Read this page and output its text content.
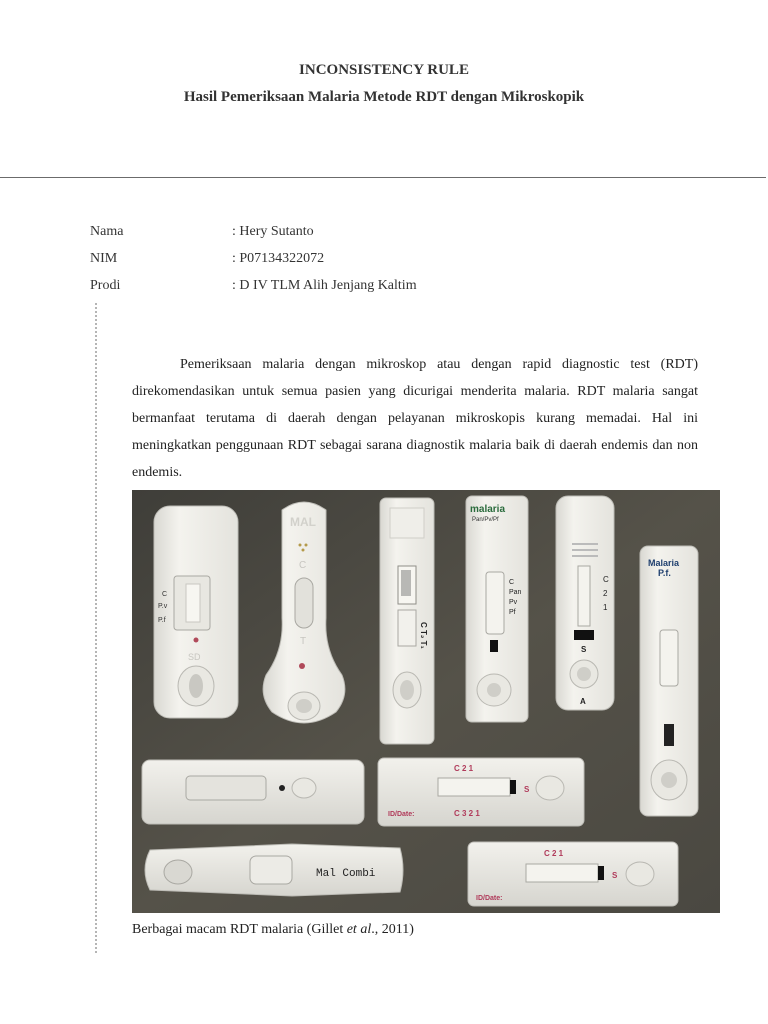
INCONSISTENCY RULE
Hasil Pemeriksaan Malaria Metode RDT dengan Mikroskopik
Nama	: Hery Sutanto
NIM	: P07134322072
Prodi	: D IV TLM Alih Jenjang Kaltim

Pemeriksaan malaria dengan mikroskop atau dengan rapid diagnostic test (RDT) direkomendasikan untuk semua pasien yang dicurigai menderita malaria. RDT malaria sangat bermanfaat terutama di daerah dengan pelayanan mikroskopis kurang memadai. Hal ini meningkatkan penggunaan RDT sebagai sarana diagnostik malaria baik di daerah endemis dan non endemis.

C
P.v
P.f
SD
MAL
C
T	C T₂ T₁
malaria
Pan/Pv/Pf
C
Pan
Pv
Pf
C
2
1
S
A
Malaria
P.f.
C 2 1
S
ID/Date:	C 3 2 1
Mal Combi
C 2 1
S
ID/Date:
Berbagai macam RDT malaria (Gillet et al., 2011)
